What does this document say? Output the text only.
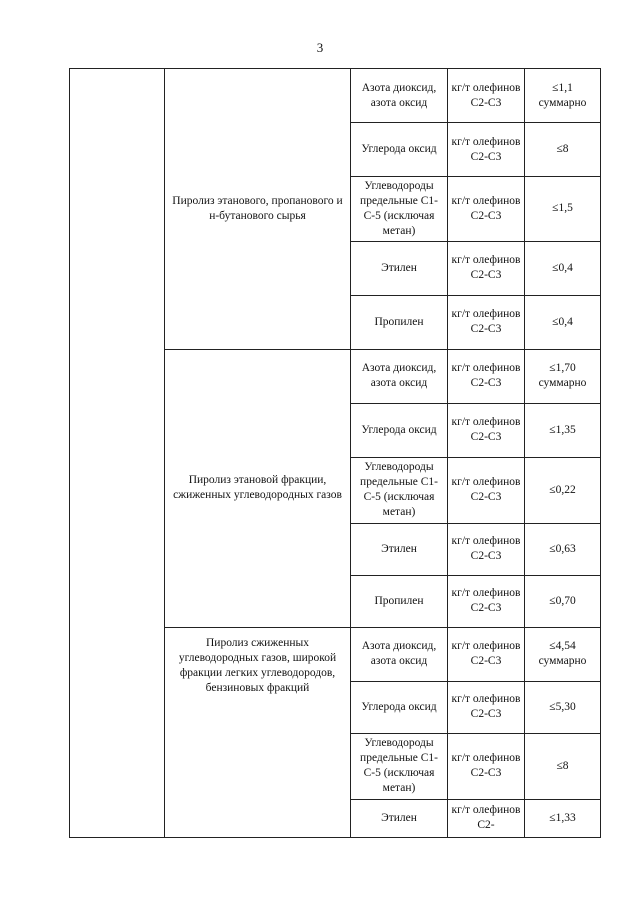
3
	Пиролиз этанового, пропанового и н-бутанового сырья	Азота диоксид, азота оксид	кг/т олефинов С2-С3	≤1,1 суммарно
		Углерода оксид	кг/т олефинов С2-С3	≤8
		Углеводороды предельные С1-С-5 (исключая метан)	кг/т олефинов С2-С3	≤1,5
		Этилен	кг/т олефинов С2-С3	≤0,4
		Пропилен	кг/т олефинов С2-С3	≤0,4
	Пиролиз этановой фракции, сжиженных углеводородных газов	Азота диоксид, азота оксид	кг/т олефинов С2-С3	≤1,70 суммарно
		Углерода оксид	кг/т олефинов С2-С3	≤1,35
		Углеводороды предельные С1-С-5 (исключая метан)	кг/т олефинов С2-С3	≤0,22
		Этилен	кг/т олефинов С2-С3	≤0,63
		Пропилен	кг/т олефинов С2-С3	≤0,70
	Пиролиз сжиженных углеводородных газов, широкой фракции легких углеводородов, бензиновых фракций	Азота диоксид, азота оксид	кг/т олефинов С2-С3	≤4,54 суммарно
		Углерода оксид	кг/т олефинов С2-С3	≤5,30
		Углеводороды предельные С1-С-5 (исключая метан)	кг/т олефинов С2-С3	≤8
		Этилен	кг/т олефинов С2-	≤1,33
